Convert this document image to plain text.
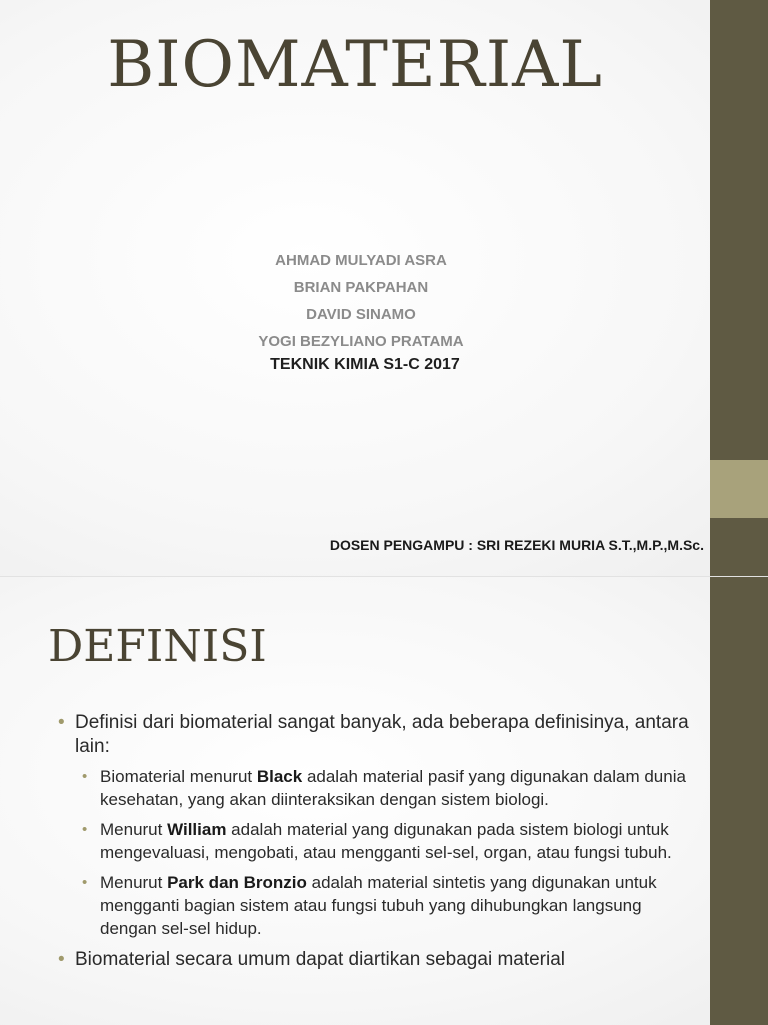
BIOMATERIAL
AHMAD MULYADI ASRA
BRIAN PAKPAHAN
DAVID SINAMO
YOGI BEZYLIANO PRATAMA
TEKNIK KIMIA S1-C 2017
DOSEN PENGAMPU : SRI REZEKI MURIA S.T.,M.P.,M.Sc.
DEFINISI
• Definisi dari biomaterial sangat banyak, ada beberapa definisinya, antara lain:
• Biomaterial menurut Black adalah material pasif yang digunakan dalam dunia kesehatan, yang akan diinteraksikan dengan sistem biologi.
• Menurut William adalah material yang digunakan pada sistem biologi untuk mengevaluasi, mengobati, atau mengganti sel-sel, organ, atau fungsi tubuh.
• Menurut Park dan Bronzio adalah material sintetis yang digunakan untuk mengganti bagian sistem atau fungsi tubuh yang dihubungkan langsung dengan sel-sel hidup.
• Biomaterial secara umum dapat diartikan sebagai material
